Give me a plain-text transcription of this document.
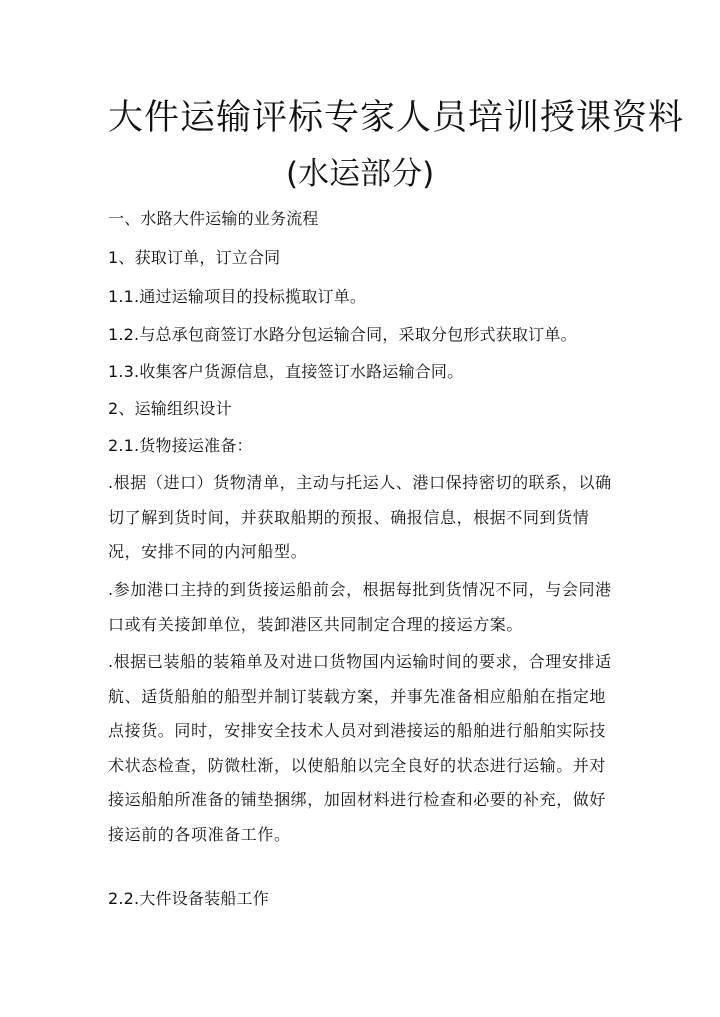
大件运输评标专家人员培训授课资料
(水运部分)
一、水路大件运输的业务流程
1、获取订单，订立合同
1.1.通过运输项目的投标揽取订单。
1.2.与总承包商签订水路分包运输合同，采取分包形式获取订单。
1.3.收集客户货源信息，直接签订水路运输合同。
2、运输组织设计
2.1.货物接运准备：
.根据（进口）货物清单，主动与托运人、港口保持密切的联系，以确切了解到货时间，并获取船期的预报、确报信息，根据不同到货情况，安排不同的内河船型。
.参加港口主持的到货接运船前会，根据每批到货情况不同，与会同港口或有关接卸单位，装卸港区共同制定合理的接运方案。
.根据已装船的装箱单及对进口货物国内运输时间的要求，合理安排适航、适货船舶的船型并制订装载方案，并事先准备相应船舶在指定地点接货。同时，安排安全技术人员对到港接运的船舶进行船舶实际技术状态检查，防微杜渐，以使船舶以完全良好的状态进行运输。并对接运船舶所准备的铺垫捆绑，加固材料进行检查和必要的补充，做好接运前的各项准备工作。
2.2.大件设备装船工作
